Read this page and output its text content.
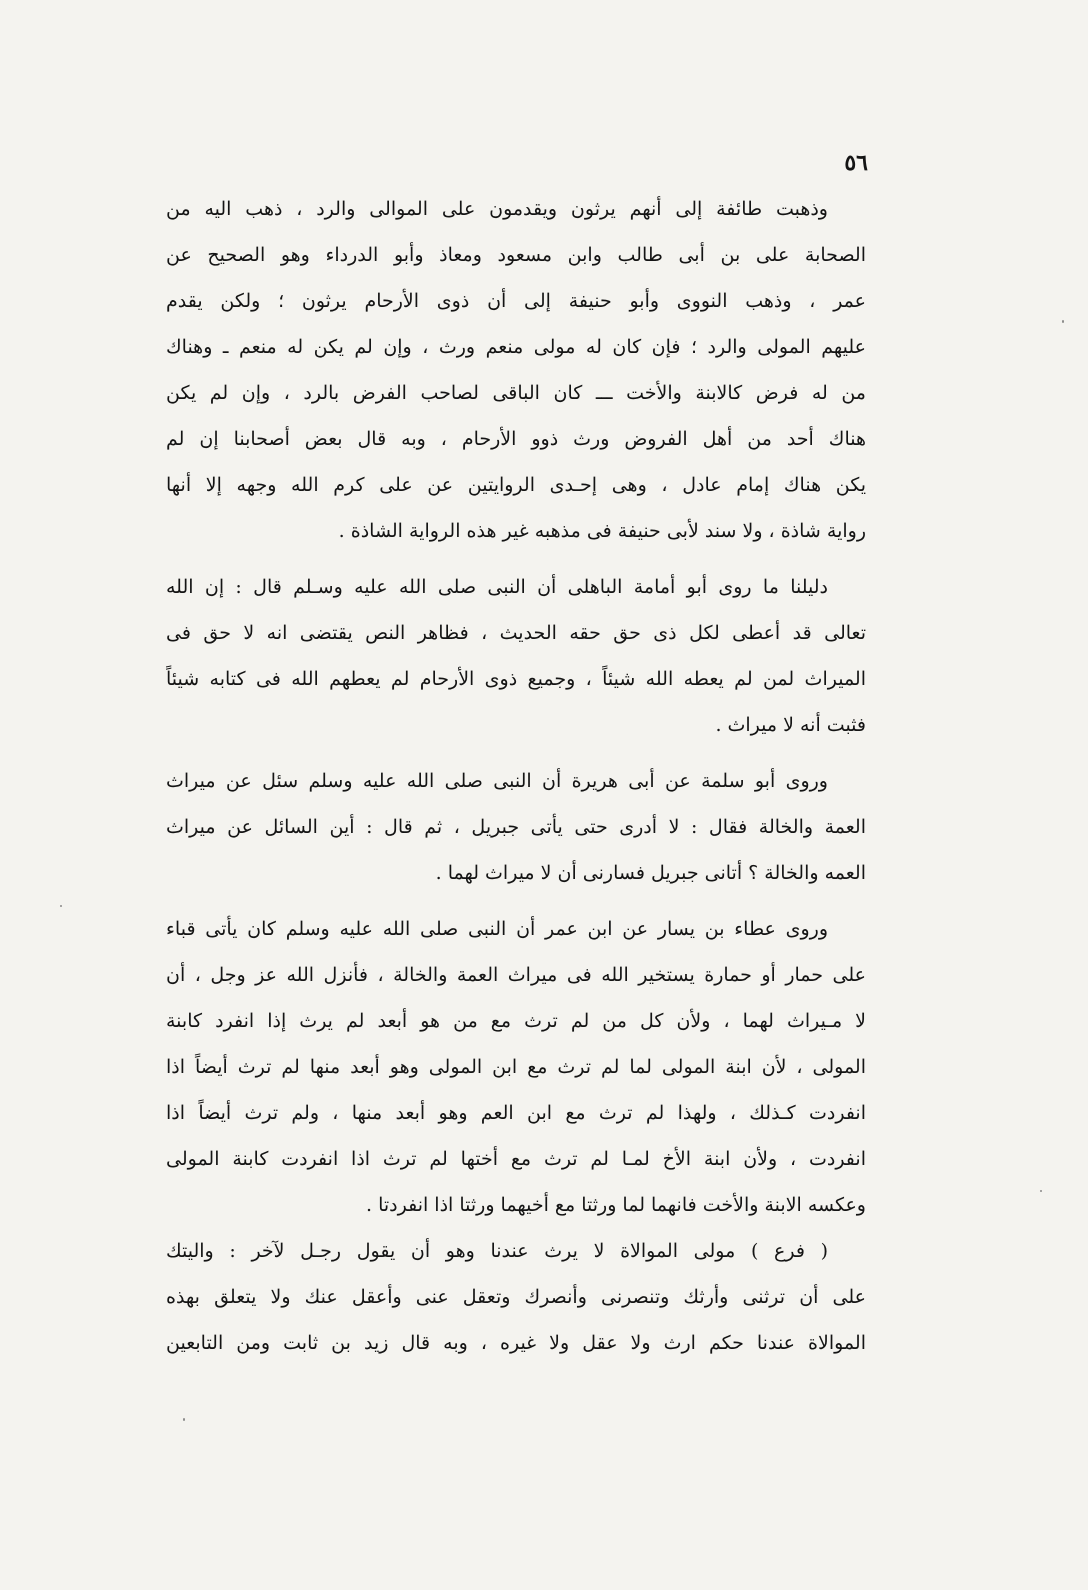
٥٦
وذهبت طائفة إلى أنهم يرثون ويقدمون على الموالى والرد ، ذهب اليه من
الصحابة على بن أبى طالب وابن مسعود ومعاذ وأبو الدرداء وهو الصحيح عن
عمر ، وذهب النووى وأبو حنيفة إلى أن ذوى الأرحام يرثون ؛ ولكن يقدم
عليهم المولى والرد ؛ فإن كان له مولى منعم ورث ، وإن لم يكن له منعم ـ وهناك
من له فرض كالابنة والأخت ـــ كان الباقى لصاحب الفرض بالرد ، وإن لم يكن
هناك أحد من أهل الفروض ورث ذوو الأرحام ، وبه قال بعض أصحابنا إن لم
يكن هناك إمام عادل ، وهى إحـدى الروايتين عن على كرم الله وجهه إلا أنها
رواية شاذة ، ولا سند لأبى حنيفة فى مذهبه غير هذه الرواية الشاذة .
دليلنا ما روى أبو أمامة الباهلى أن النبى صلى الله عليه وسـلم قال : إن الله
تعالى قد أعطى لكل ذى حق حقه الحديث ، فظاهر النص يقتضى انه لا حق فى
الميراث لمن لم يعطه الله شيئاً ، وجميع ذوى الأرحام لم يعطهم الله فى كتابه شيئاً
فثبت أنه لا ميراث .
وروى أبو سلمة عن أبى هريرة أن النبى صلى الله عليه وسلم سئل عن ميراث
العمة والخالة فقال : لا أدرى حتى يأتى جبريل ، ثم قال : أين السائل عن ميراث
العمه والخالة ؟ أتانى جبريل فسارنى أن لا ميراث لهما .
وروى عطاء بن يسار عن ابن عمر أن النبى صلى الله عليه وسلم كان يأتى قباء
على حمار أو حمارة يستخير الله فى ميراث العمة والخالة ، فأنزل الله عز وجل ، أن
لا مـيراث لهما ، ولأن كل من لم ترث مع من هو أبعد لم يرث إذا انفرد كابنة
المولى ، لأن ابنة المولى لما لم ترث مع ابن المولى وهو أبعد منها لم ترث أيضاً اذا
انفردت كـذلك ، ولهذا لم ترث مع ابن العم وهو أبعد منها ، ولم ترث أيضاً اذا
انفردت ، ولأن ابنة الأخ لمـا لم ترث مع أختها لم ترث اذا انفردت كابنة المولى
وعكسه الابنة والأخت فانهما لما ورثتا مع أخيهما ورثتا اذا انفردتا .
( فرع ) مولى الموالاة لا يرث عندنا وهو أن يقول رجـل لآخر : واليتك
على أن ترثنى وأرثك وتنصرنى وأنصرك وتعقل عنى وأعقل عنك ولا يتعلق بهذه
الموالاة عندنا حكم ارث ولا عقل ولا غيره ، وبه قال زيد بن ثابت ومن التابعين
